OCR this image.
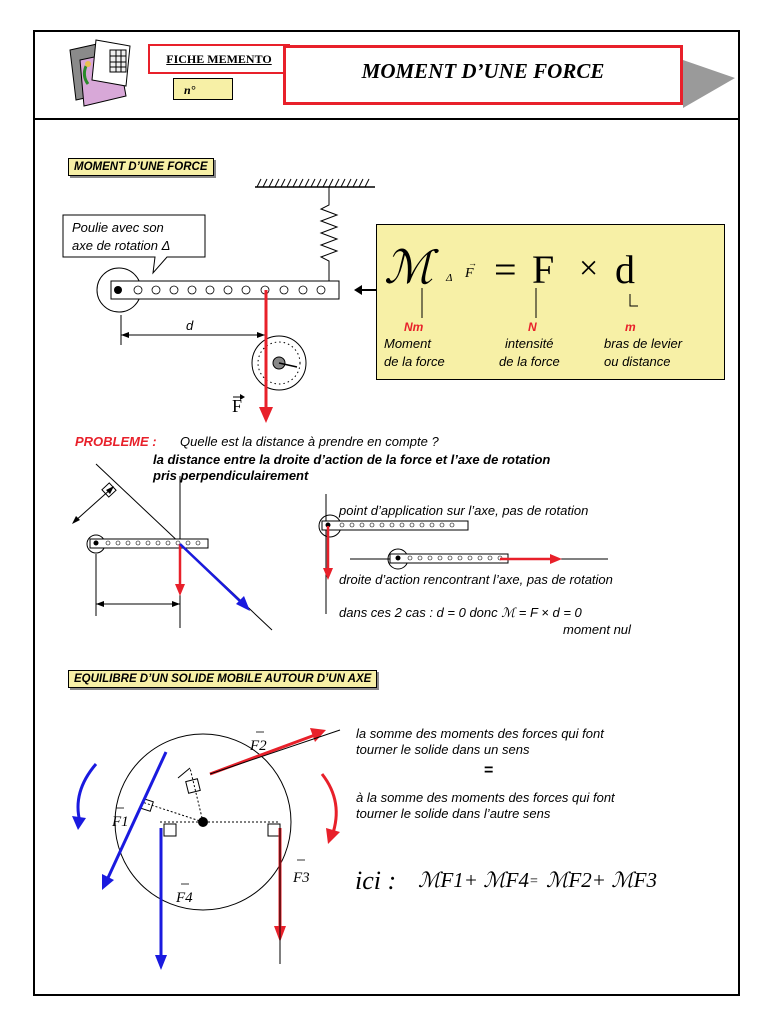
FICHE MEMENTO
n°
MOMENT D’UNE FORCE
MOMENT D’UNE FORCE
Poulie avec son
axe de rotation Δ
d
F
ℳ Δ F
→ = F × d
Nm	N	m
Moment
de la force
intensité
de la force
bras de levier
ou distance
PROBLEME : Quelle est la distance à prendre en compte ?
la distance entre la droite d’action de la force et l’axe de rotation
pris perpendiculairement
point d’application sur l’axe, pas de rotation
droite d’action rencontrant l’axe, pas de rotation
dans ces 2 cas : d = 0 donc ℳ = F × d = 0
moment nul
EQUILIBRE D’UN SOLIDE MOBILE AUTOUR D’UN AXE
F2
F1
F3
F4
la somme des moments des forces qui font
tourner le solide dans un sens
=
à la somme des moments des forces qui font
tourner le solide dans l’autre sens
ici : ℳF1+ ℳF4 = ℳF2+ ℳF3
